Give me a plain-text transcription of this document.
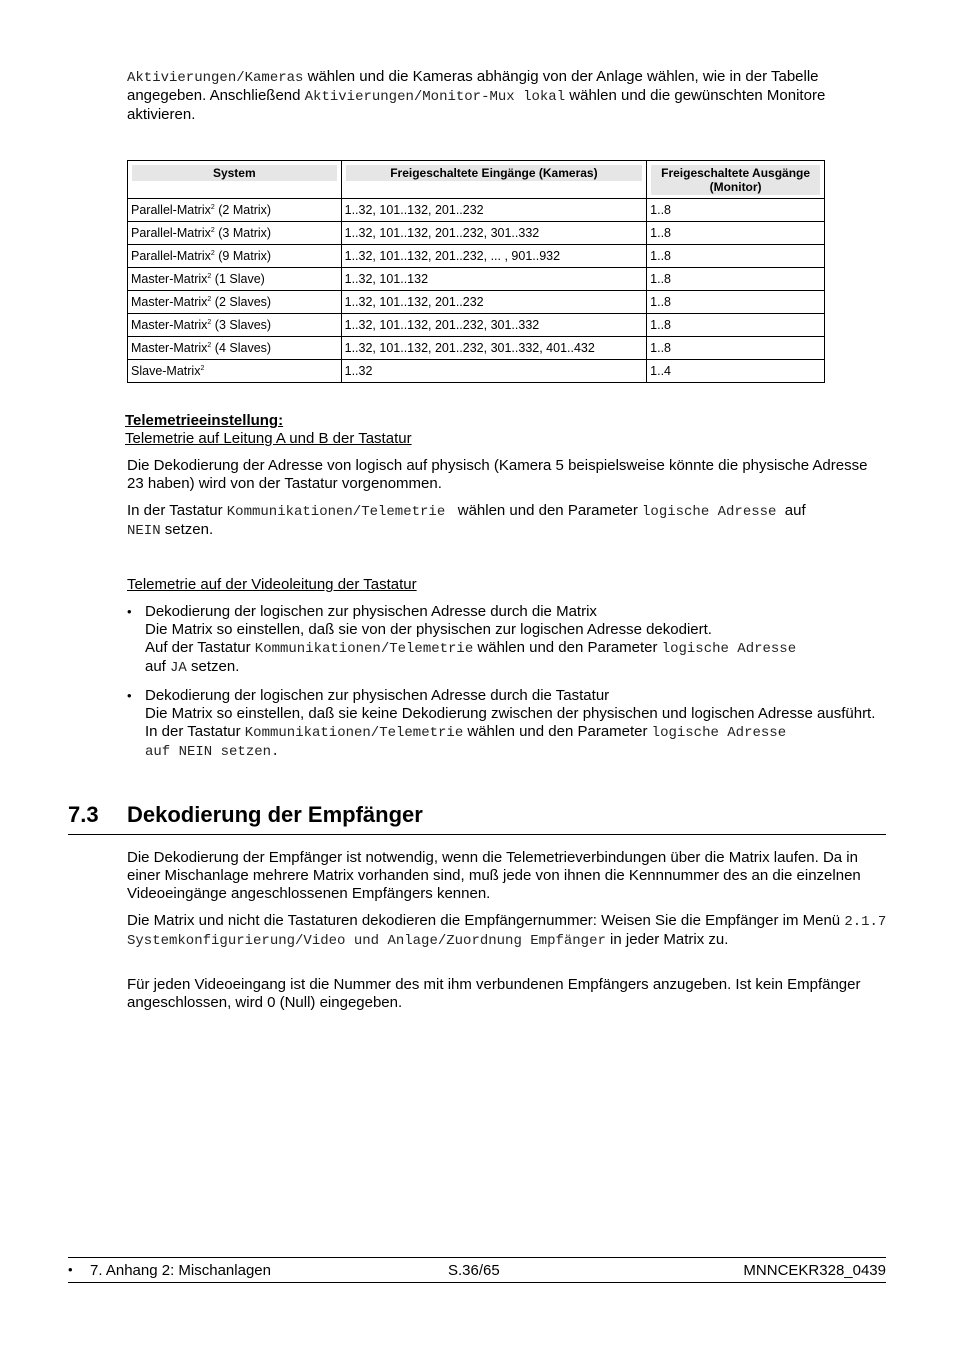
Aktivierungen/Kameras wählen und die Kameras abhängig von der Anlage wählen, wie in der Tabelle angegeben. Anschließend Aktivierungen/Monitor-Mux lokal wählen und die gewünschten Monitore aktivieren.
System	Freigeschaltete Eingänge (Kameras)	Freigeschaltete Ausgänge (Monitor)

Parallel-Matrix$^2$ (2 Matrix)	1..32, 101..132, 201..232	1..8
Parallel-Matrix$^2$ (3 Matrix)	1..32, 101..132, 201..232, 301..332	1..8
Parallel-Matrix$^2$ (9 Matrix)	1..32, 101..132, 201..232, ... , 901..932	1..8
Master-Matrix$^2$ (1 Slave)	1..32, 101..132	1..8
Master-Matrix$^2$ (2 Slaves)	1..32, 101..132, 201..232	1..8
Master-Matrix$^2$ (3 Slaves)	1..32, 101..132, 201..232, 301..332	1..8
Master-Matrix$^2$ (4 Slaves)	1..32, 101..132, 201..232, 301..332, 401..432	1..8
Slave-Matrix$^2$	1..32	1..4
Telemetrieeinstellung:
Telemetrie auf Leitung A und B der Tastatur
Die Dekodierung der Adresse von logisch auf physisch (Kamera 5 beispielsweise könnte die physische Adresse 23 haben) wird von der Tastatur vorgenommen.
In der Tastatur Kommunikationen/Telemetrie   wählen und den Parameter logische Adresse  auf
NEIN setzen.
Telemetrie auf der Videoleitung der Tastatur
• Dekodierung der logischen zur physischen Adresse durch die Matrix
Die Matrix so einstellen, daß sie von der physischen zur logischen Adresse dekodiert.
Auf der Tastatur Kommunikationen/Telemetrie wählen und den Parameter logische Adresse
auf JA setzen.
• Dekodierung der logischen zur physischen Adresse durch die Tastatur
Die Matrix so einstellen, daß sie keine Dekodierung zwischen der physischen und logischen Adresse ausführt.
In der Tastatur Kommunikationen/Telemetrie wählen und den Parameter logische Adresse
auf NEIN setzen.
7.3 Dekodierung der Empfänger
Die Dekodierung der Empfänger ist notwendig, wenn die Telemetrieverbindungen über die Matrix laufen. Da in einer Mischanlage mehrere Matrix vorhanden sind, muß jede von ihnen die Kennnummer des an die einzelnen Videoeingänge angeschlossenen Empfängers kennen.
Die Matrix und nicht die Tastaturen dekodieren die Empfängernummer: Weisen Sie die Empfänger im Menü 2.1.7 Systemkonfigurierung/Video und Anlage/Zuordnung Empfänger in jeder Matrix zu.
Für jeden Videoeingang ist die Nummer des mit ihm verbundenen Empfängers anzugeben. Ist kein Empfänger angeschlossen, wird 0 (Null) eingegeben.
• 7. Anhang 2: Mischanlagen	S.36/65	MNNCEKR328_0439
